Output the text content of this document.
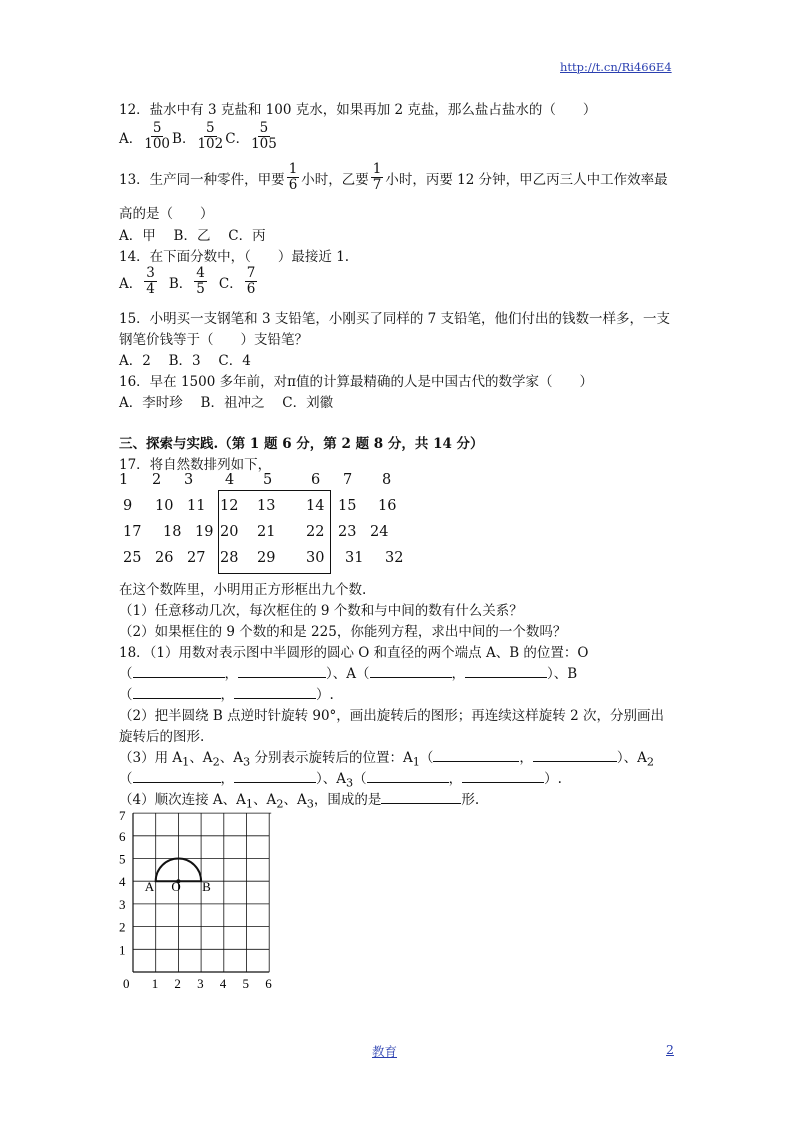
http://t.cn/Ri466E4
12．盐水中有 3 克盐和 100 克水，如果再加 2 克盐，那么盐占盐水的（　　）
A． $\frac{5}{100}$ B． $\frac{5}{102}$ C． $\frac{5}{105}$
13．生产同一种零件，甲要 $\frac{1}{6}$ 小时，乙要 $\frac{1}{7}$ 小时，丙要 12 分钟，甲乙丙三人中工作效率最
高的是（　　）
A．甲　 B．乙　 C．丙
14．在下面分数中，（　　）最接近 1.
A． $\frac{3}{4}$ B． $\frac{4}{5}$ C． $\frac{7}{6}$
15．小明买一支钢笔和 3 支铅笔，小刚买了同样的 7 支铅笔，他们付出的钱数一样多，一支
钢笔价钱等于（　　）支铅笔？
A．2　 B．3　 C．4
16．早在 1500 多年前，对π值的计算最精确的人是中国古代的数学家（　　）
A．李时珍　 B．祖冲之　 C．刘徽
三、探索与实践.（第 1 题 6 分，第 2 题 8 分，共 14 分）
17．将自然数排列如下，
1 2 3 4 5	6 7 8
9 10 11 12 13 14 15 16
17 18 19 20 21 22 23 24
25 26 27 28 29 30 31 32
在这个数阵里，小明用正方形框出九个数.
（1）任意移动几次，每次框住的 9 个数和与中间的数有什么关系？
（2）如果框住的 9 个数的和是 225，你能列方程，求出中间的一个数吗？
18．（1）用数对表示图中半圆形的圆心 O 和直径的两个端点 A、B 的位置：O
（	，	）、A（	，	）、B
（	，	）.
（2）把半圆绕 B 点逆时针旋转 90°，画出旋转后的图形；再连续这样旋转 2 次，分别画出
旋转后的图形.
（3）用 $A_1$、$A_2$、$A_3$ 分别表示旋转后的位置：$A_1$（	，	）、$A_2$
（	，	）、$A_3$（	，	）.
（4）顺次连接 A、$A_1$、$A_2$、$A_3$，围成的是	形.
7
6
5
4
3
2
1
0 1 2 3 4 5 6
A O B
教育	2
